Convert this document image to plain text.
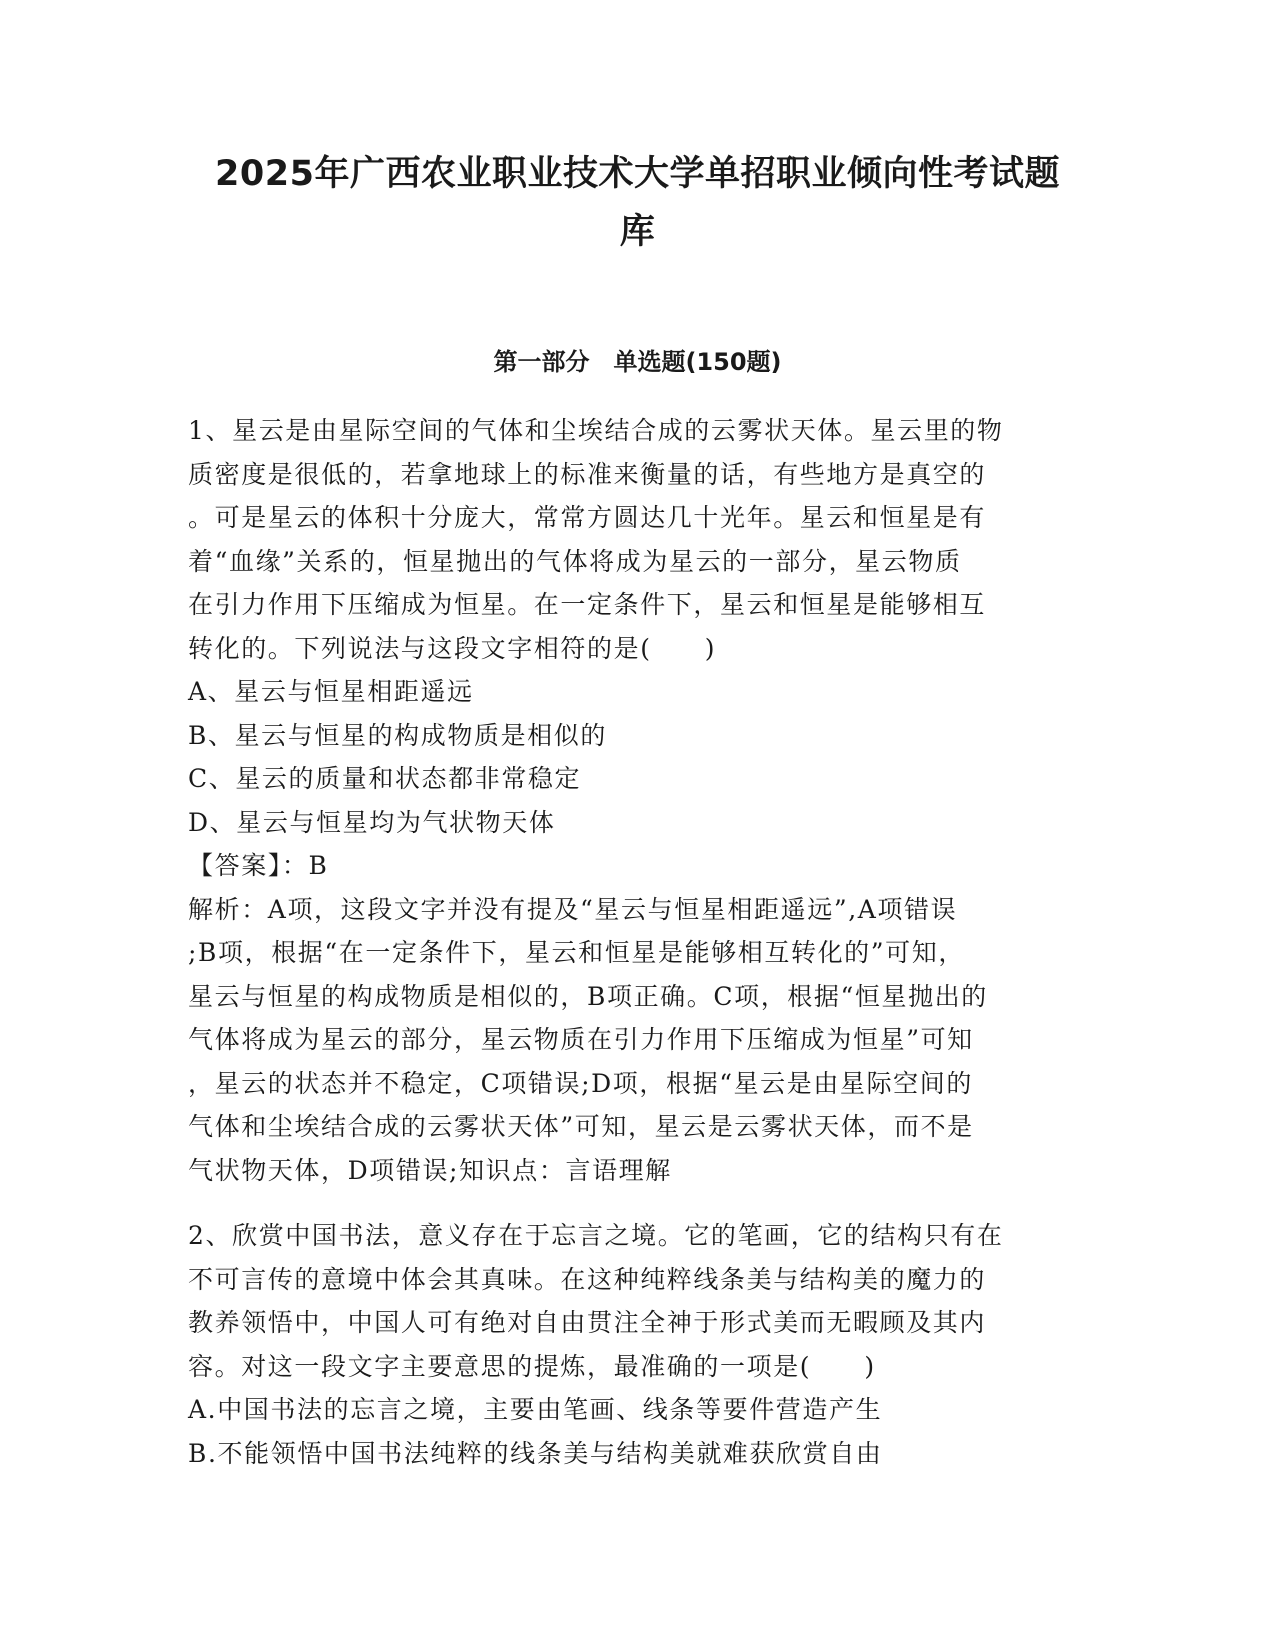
2025年广西农业职业技术大学单招职业倾向性考试题
库
第一部分　单选题(150题)
1、星云是由星际空间的气体和尘埃结合成的云雾状天体。星云里的物
质密度是很低的，若拿地球上的标准来衡量的话，有些地方是真空的
。可是星云的体积十分庞大，常常方圆达几十光年。星云和恒星是有
着“血缘”关系的，恒星抛出的气体将成为星云的一部分，星云物质
在引力作用下压缩成为恒星。在一定条件下，星云和恒星是能够相互
转化的。下列说法与这段文字相符的是(　　)
A、星云与恒星相距遥远
B、星云与恒星的构成物质是相似的
C、星云的质量和状态都非常稳定
D、星云与恒星均为气状物天体
【答案】：B
解析：A项，这段文字并没有提及“星云与恒星相距遥远”,A项错误
;B项，根据“在一定条件下，星云和恒星是能够相互转化的”可知，
星云与恒星的构成物质是相似的，B项正确。C项，根据“恒星抛出的
气体将成为星云的部分，星云物质在引力作用下压缩成为恒星”可知
，星云的状态并不稳定，C项错误;D项，根据“星云是由星际空间的
气体和尘埃结合成的云雾状天体”可知，星云是云雾状天体，而不是
气状物天体，D项错误;知识点：言语理解
2、欣赏中国书法，意义存在于忘言之境。它的笔画，它的结构只有在
不可言传的意境中体会其真味。在这种纯粹线条美与结构美的魔力的
教养领悟中，中国人可有绝对自由贯注全神于形式美而无暇顾及其内
容。对这一段文字主要意思的提炼，最准确的一项是(　　)
A.中国书法的忘言之境，主要由笔画、线条等要件营造产生
B.不能领悟中国书法纯粹的线条美与结构美就难获欣赏自由
